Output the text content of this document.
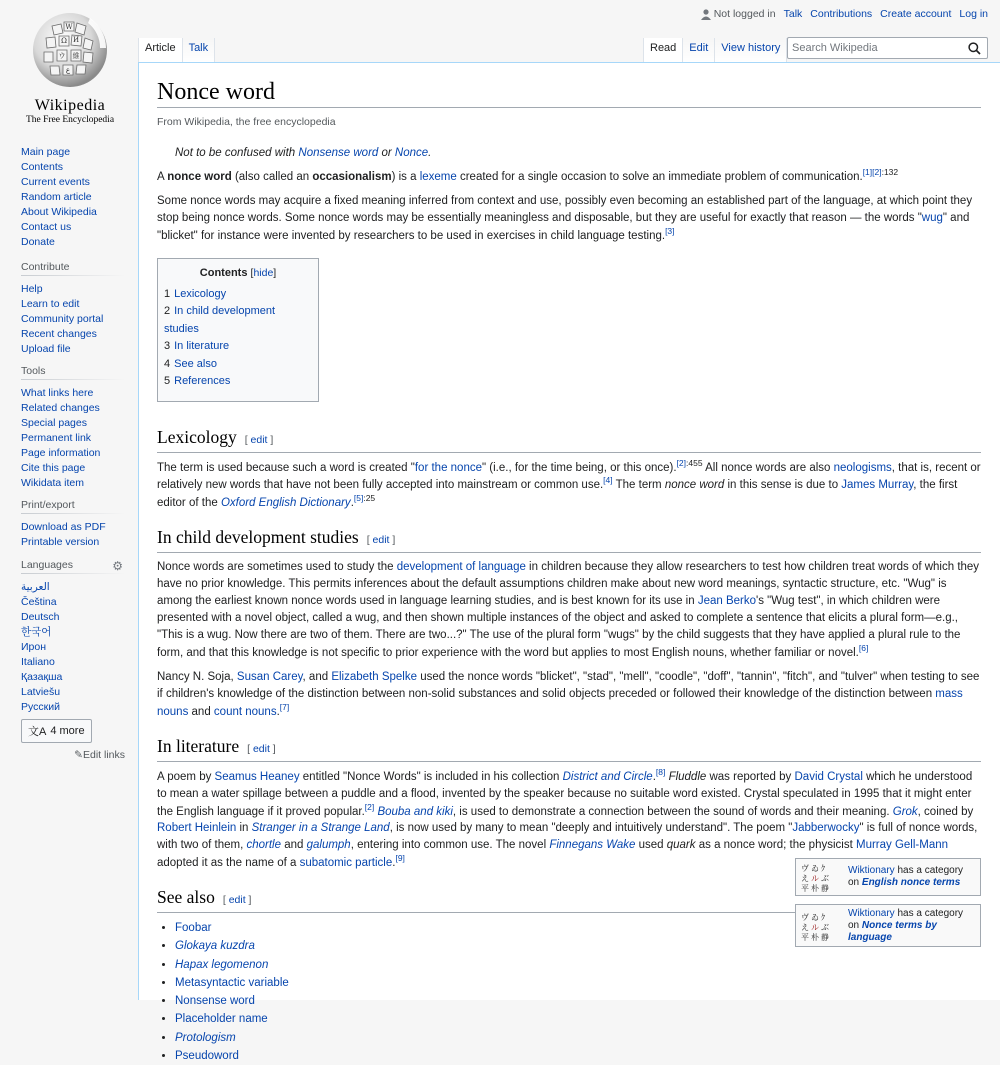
W
Ω И
ウ 維
ع
Wikipedia
The Free Encyclopedia
Main page
Contents
Current events
Random article
About Wikipedia
Contact us
Donate
Contribute
Help
Learn to edit
Community portal
Recent changes
Upload file
Tools
What links here
Related changes
Special pages
Permanent link
Page information
Cite this page
Wikidata item
Print/export
Download as PDF
Printable version
Languages	⚙
العربية
Čeština
Deutsch
한국어
Ирон
Italiano
Қазақша
Latviešu
Русский
文A 4 more
✎Edit links
Not logged in Talk Contributions Create account Log in
Article	Talk	Read	Edit	View history
Search Wikipedia
Nonce word
From Wikipedia, the free encyclopedia
Not to be confused with Nonsense word or Nonce.

A nonce word (also called an occasionalism) is a lexeme created for a single occasion to solve an immediate problem of communication.$^{[1][2]:132}$

Some nonce words may acquire a fixed meaning inferred from context and use, possibly even becoming an established part of the language, at which point they stop being nonce words. Some nonce words may be essentially meaningless and disposable, but they are useful for exactly that reason — the words "wug" and "blicket" for instance were invented by researchers to be used in exercises in child language testing.[3]

Contents [hide]
1 Lexicology
2 In child development studies
3 In literature
4 See also
5 References
Lexicology [ edit ]

The term is used because such a word is created "for the nonce" (i.e., for the time being, or this once).$^{[2]:455}$ All nonce words are also neologisms, that is, recent or relatively new words that have not been fully accepted into mainstream or common use.[4] The term nonce word in this sense is due to James Murray, the first editor of the Oxford English Dictionary.$^{[5]:25}$

In child development studies [ edit ]

Nonce words are sometimes used to study the development of language in children because they allow researchers to test how children treat words of which they have no prior knowledge. This permits inferences about the default assumptions children make about new word meanings, syntactic structure, etc. "Wug" is among the earliest known nonce words used in language learning studies, and is best known for its use in Jean Berko's "Wug test", in which children were presented with a novel object, called a wug, and then shown multiple instances of the object and asked to complete a sentence that elicits a plural form—e.g., "This is a wug. Now there are two of them. There are two...?" The use of the plural form "wugs" by the child suggests that they have applied a plural rule to the form, and that this knowledge is not specific to prior experience with the word but applies to most English nouns, whether familiar or novel.[6]

Nancy N. Soja, Susan Carey, and Elizabeth Spelke used the nonce words "blicket", "stad", "mell", "coodle", "doff", "tannin", "fitch", and "tulver" when testing to see if children's knowledge of the distinction between non-solid substances and solid objects preceded or followed their knowledge of the distinction between mass nouns and count nouns.[7]

In literature [ edit ]

A poem by Seamus Heaney entitled "Nonce Words" is included in his collection District and Circle.[8] Fluddle was reported by David Crystal which he understood to mean a water spillage between a puddle and a flood, invented by the speaker because no suitable word existed. Crystal speculated in 1995 that it might enter the English language if it proved popular.[2] Bouba and kiki, is used to demonstrate a connection between the sound of words and their meaning. Grok, coined by Robert Heinlein in Stranger in a Strange Land, is now used by many to mean "deeply and intuitively understand". The poem "Jabberwocky" is full of nonce words, with two of them, chortle and galumph, entering into common use. The novel Finnegans Wake used quark as a nonce word; the physicist Murray Gell-Mann adopted it as the name of a subatomic particle.[9]

See also [ edit ]
• Foobar
• Glokaya kuzdra
• Hapax legomenon
• Metasyntactic variable
• Nonsense word
• Placeholder name
• Protologism
• Pseudoword
ヴ ゐ ｸ
え ル ぶ
平 朴 静
Wiktionary has a category on English nonce terms
ヴ ゐ ｸ
え ル ぶ
平 朴 静
Wiktionary has a category on Nonce terms by language
